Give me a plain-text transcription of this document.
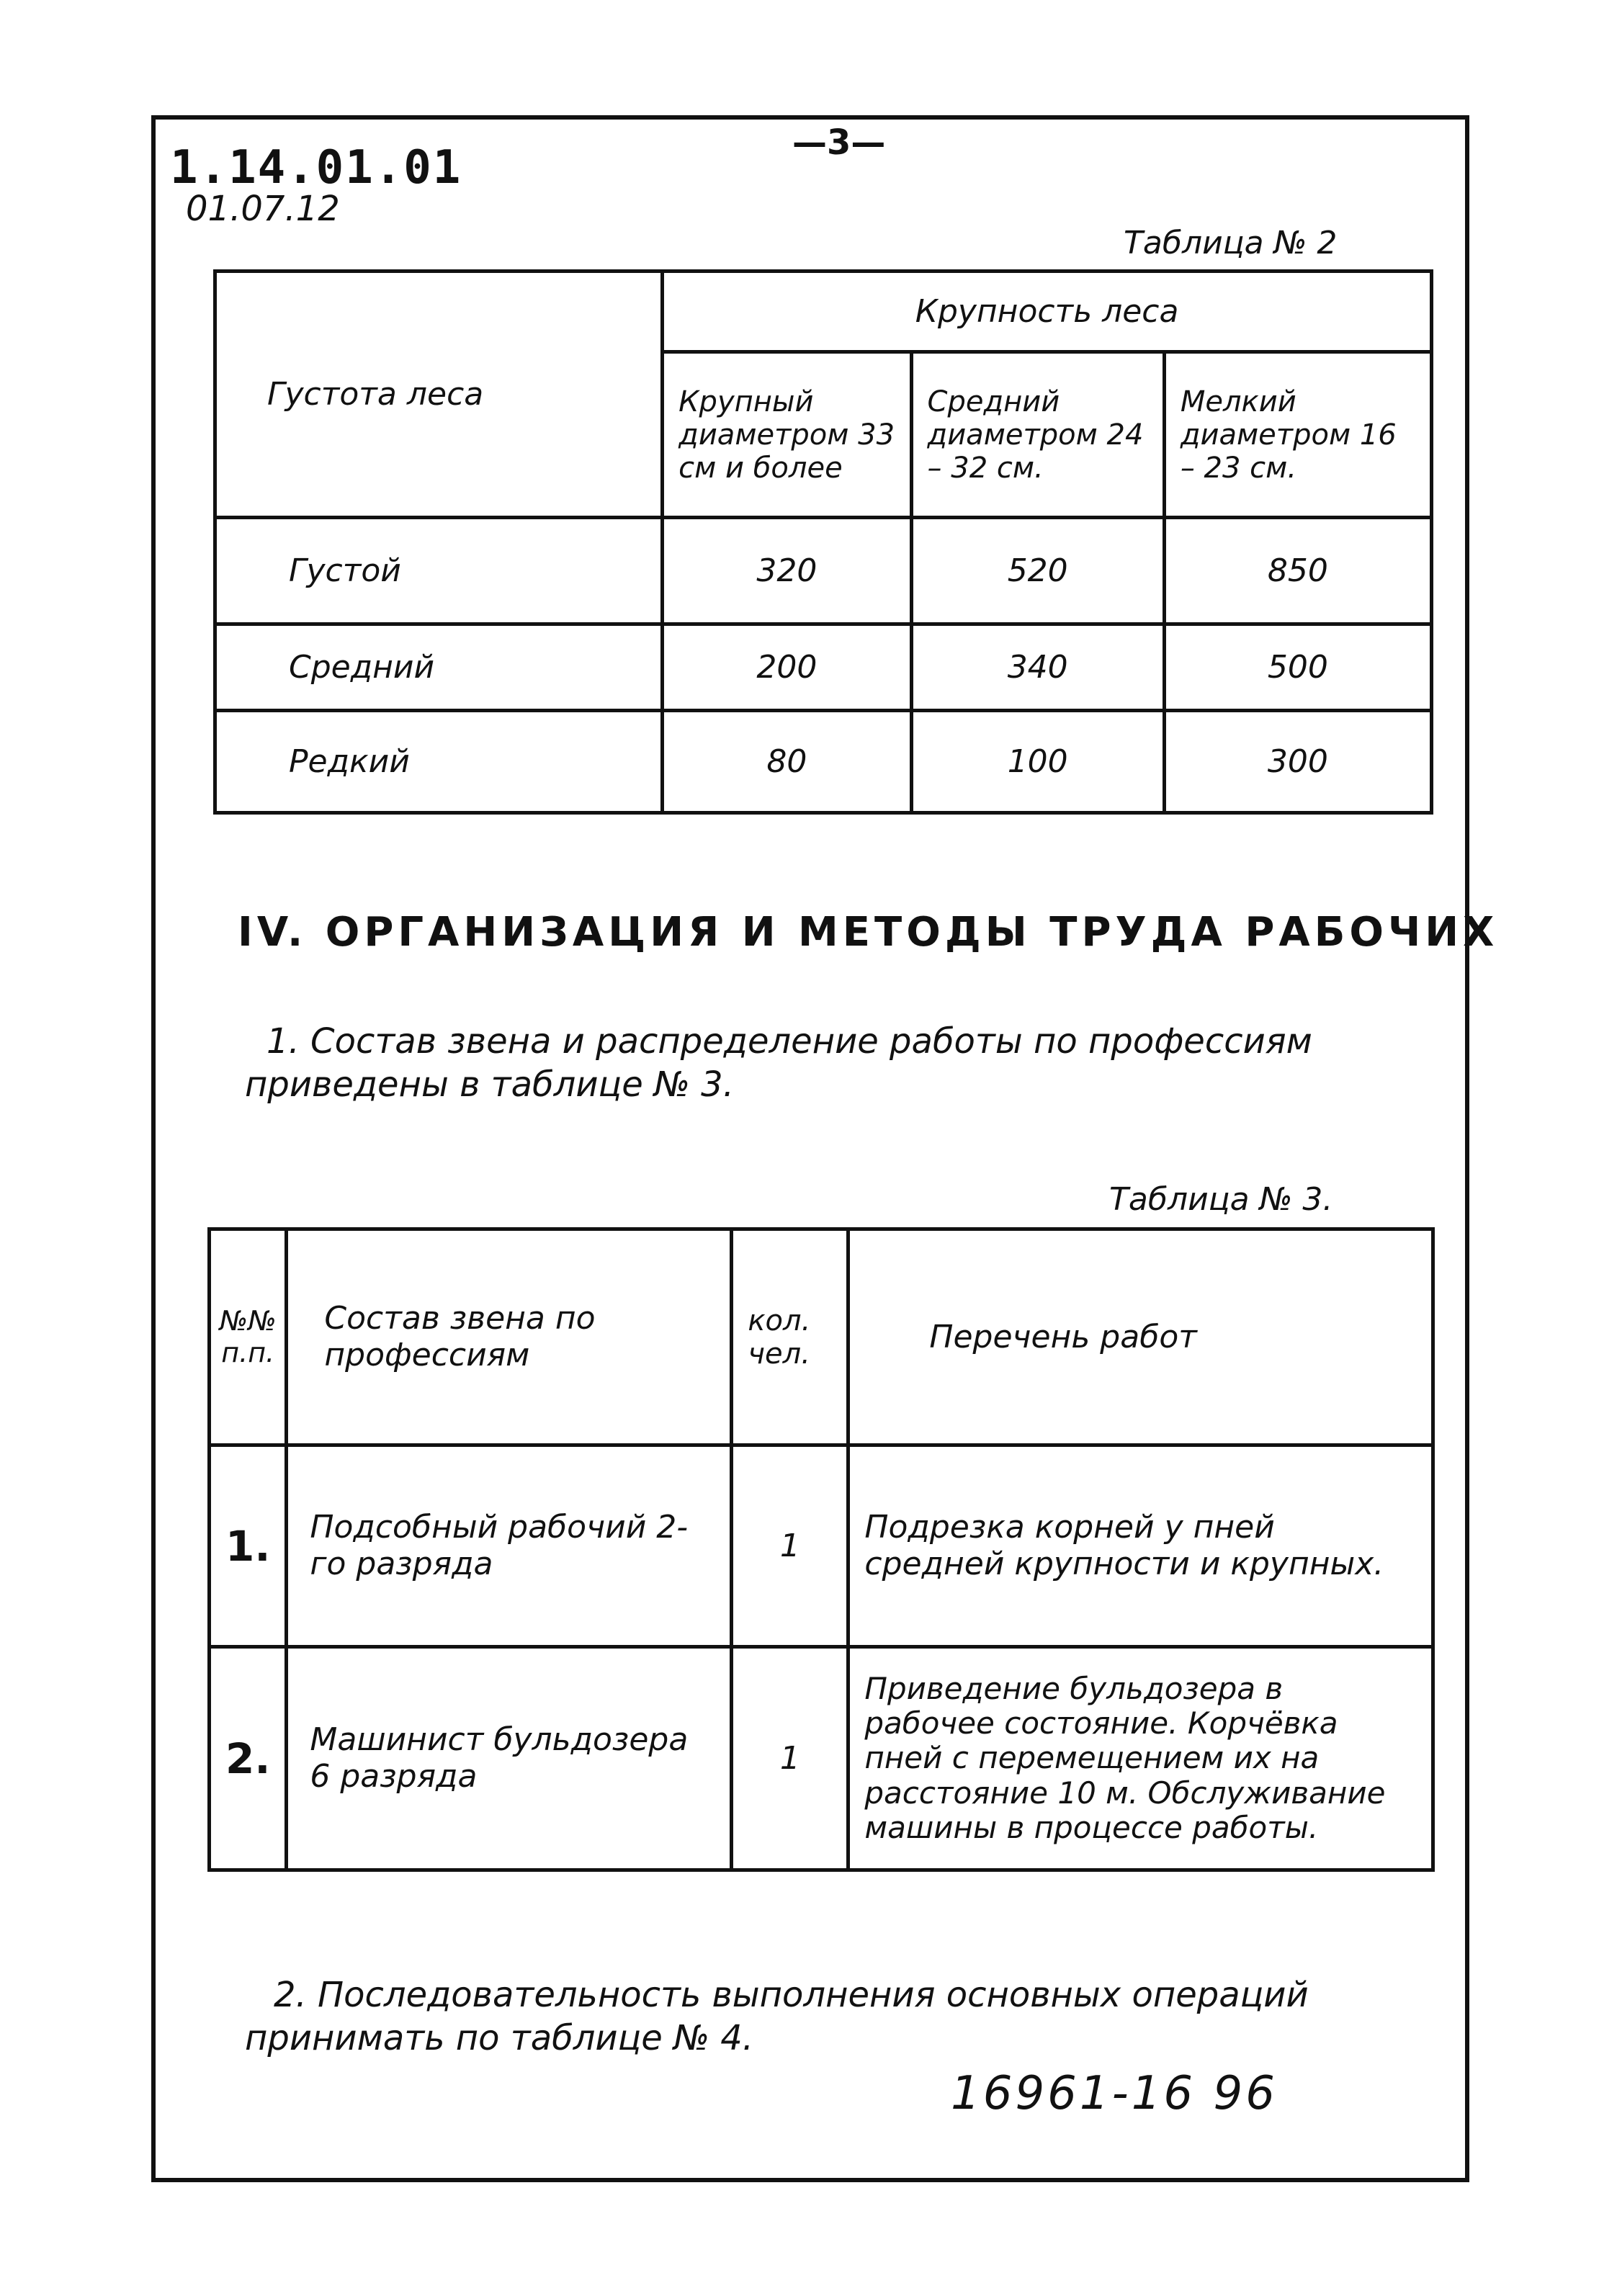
—3—
1.14.01.01
01.07.12
Таблица № 2
Густота леса	Крупность леса		
	Крупный диаметром 33 см и более	Средний диаметром 24 – 32 см.	Мелкий диаметром 16 – 23 см.
Густой	320	520	850
Средний	200	340	500
Редкий	80	100	300
IV. ОРГАНИЗАЦИЯ И МЕТОДЫ ТРУДА РАБОЧИХ
1. Состав звена и распределение работы по профессиям приведены в таблице № 3.
Таблица № 3.
№№ п.п.	Состав звена по профессиям	кол. чел.	Перечень работ
1.	Подсобный рабочий 2-го разряда	1	Подрезка корней у пней средней крупности и крупных.
2.	Машинист бульдозера 6 разряда	1	Приведение бульдозера в рабочее состояние. Корчёвка пней с перемещением их на расстояние 10 м. Обслуживание машины в процессе работы.
2. Последовательность выполнения основных операций принимать по таблице № 4.
16961-16 96
